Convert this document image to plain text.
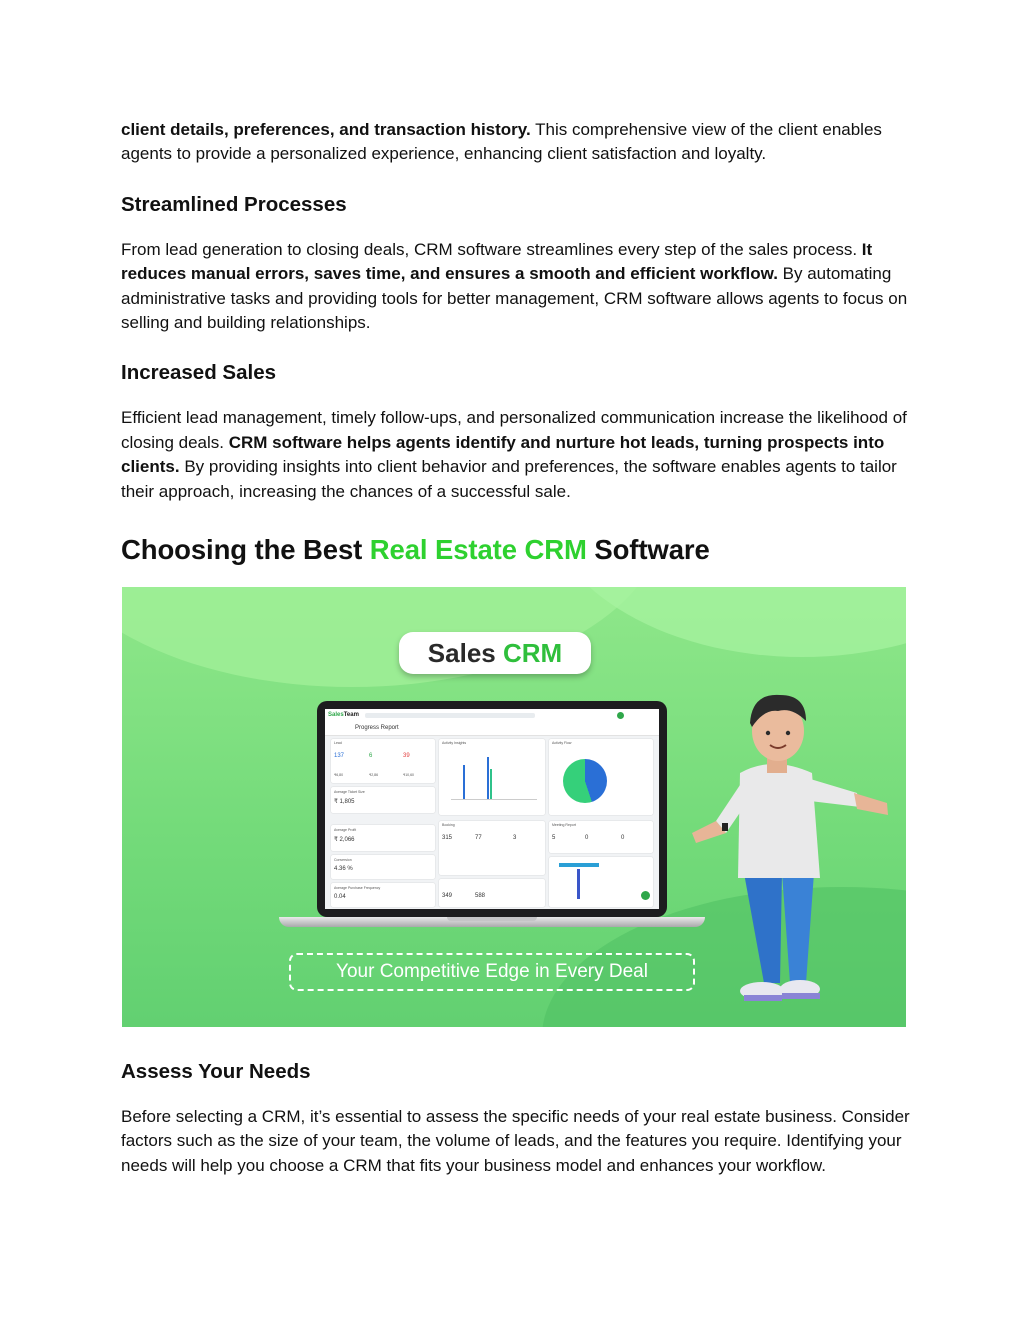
client details, preferences, and transaction history. This comprehensive view of the client enables agents to provide a personalized experience, enhancing client satisfaction and loyalty.

Streamlined Processes

From lead generation to closing deals, CRM software streamlines every step of the sales process. It reduces manual errors, saves time, and ensures a smooth and efficient workflow. By automating administrative tasks and providing tools for better management, CRM software allows agents to focus on selling and building relationships.

Increased Sales

Efficient lead management, timely follow-ups, and personalized communication increase the likelihood of closing deals. CRM software helps agents identify and nurture hot leads, turning prospects into clients. By providing insights into client behavior and preferences, the software enables agents to tailor their approach, increasing the chances of a successful sale.

Choosing the Best Real Estate CRM Software
Sales CRM
SalesTeam
Progress Report
Lead
137	6	39
₹6,80	₹2,86	₹10,60
Average Ticket Size
₹ 1,805
Average Profit
₹ 2,066
Conversion
4.36 %
Average Purchase Frequency
0.04
Activity Insights	Activity Flow
Booking
315	77	3
Meeting Report
5	0	0
349	588
Your Competitive Edge in Every Deal
Assess Your Needs

Before selecting a CRM, it’s essential to assess the specific needs of your real estate business. Consider factors such as the size of your team, the volume of leads, and the features you require. Identifying your needs will help you choose a CRM that fits your business model and enhances your workflow.
